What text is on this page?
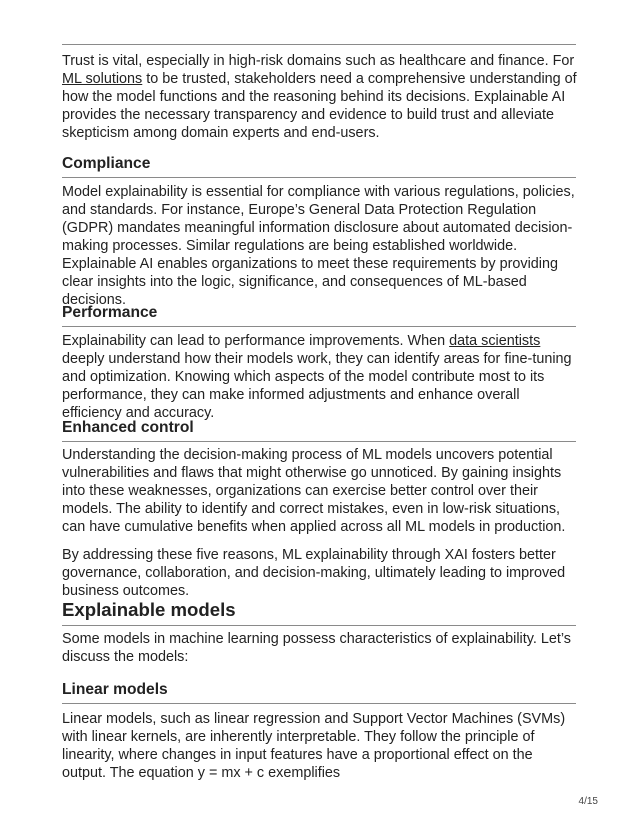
Trust is vital, especially in high-risk domains such as healthcare and finance. For ML solutions to be trusted, stakeholders need a comprehensive understanding of how the model functions and the reasoning behind its decisions. Explainable AI provides the necessary transparency and evidence to build trust and alleviate skepticism among domain experts and end-users.

Compliance

Model explainability is essential for compliance with various regulations, policies, and standards. For instance, Europe’s General Data Protection Regulation (GDPR) mandates meaningful information disclosure about automated decision-making processes. Similar regulations are being established worldwide. Explainable AI enables organizations to meet these requirements by providing clear insights into the logic, significance, and consequences of ML-based decisions.

Performance

Explainability can lead to performance improvements. When data scientists deeply understand how their models work, they can identify areas for fine-tuning and optimization. Knowing which aspects of the model contribute most to its performance, they can make informed adjustments and enhance overall efficiency and accuracy.

Enhanced control

Understanding the decision-making process of ML models uncovers potential vulnerabilities and flaws that might otherwise go unnoticed. By gaining insights into these weaknesses, organizations can exercise better control over their models. The ability to identify and correct mistakes, even in low-risk situations, can have cumulative benefits when applied across all ML models in production.

By addressing these five reasons, ML explainability through XAI fosters better governance, collaboration, and decision-making, ultimately leading to improved business outcomes.

Explainable models

Some models in machine learning possess characteristics of explainability. Let’s discuss the models:

Linear models

Linear models, such as linear regression and Support Vector Machines (SVMs) with linear kernels, are inherently interpretable. They follow the principle of linearity, where changes in input features have a proportional effect on the output. The equation y = mx + c exemplifies

4/15
